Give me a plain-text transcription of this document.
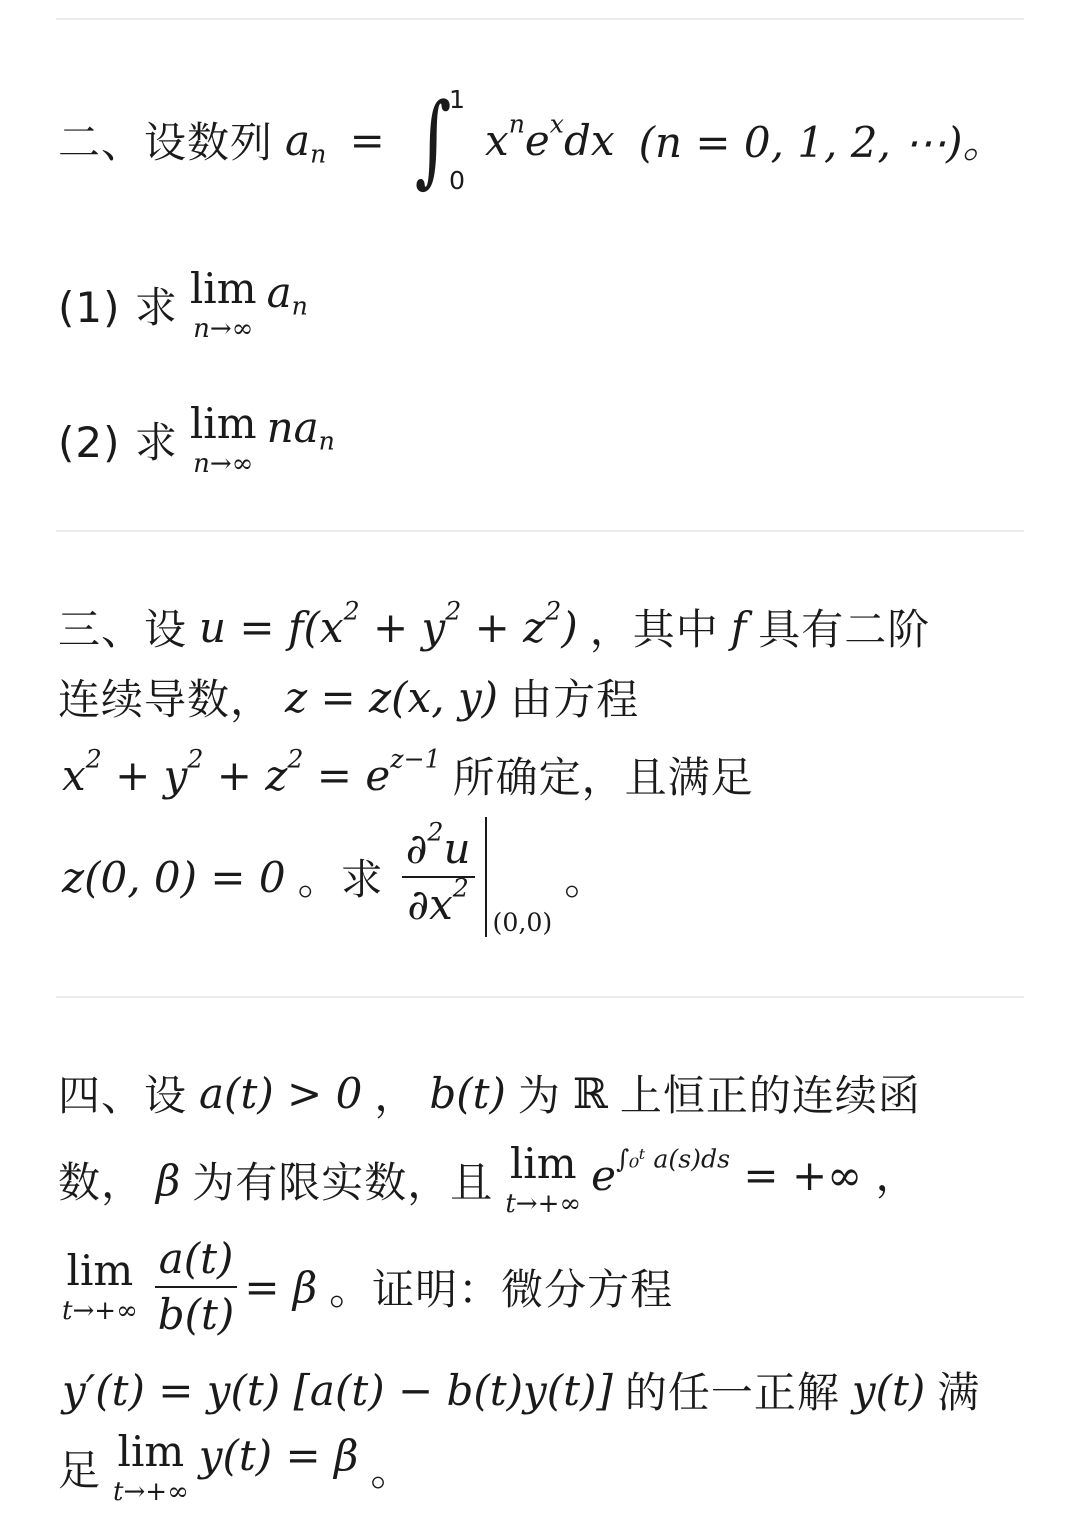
二、设数列 $a_n$ = ∫
1
0
$x^ne^xdx$ (n = 0, 1, 2, ⋯)。
(1) 求 lim
n→∞
$a_n$
(2) 求 lim
n→∞
$na_n$
三、设 $u = f(x^2 + y^2 + z^2)$ ，其中 f 具有二阶
连续导数， z = z(x, y) 由方程
$x^2 + y^2 + z^2 = e^{z-1}$ 所确定，且满足
z(0, 0) = 0 。求 $\frac{\partial^2u}{\partial x^2} (0,0)$
。
四、设 a(t) > 0 ， b(t) 为 ℝ 上恒正的连续函
数， β 为有限实数，且 lim
t→+∞
$e^{\int_0ᵗ a(s)ds}$ = +∞ ，
lim
$t\to+\infty \frac{a(t)}{b(t)} = \beta$ 。证明：微分方程
y′(t) = y(t) [a(t) − b(t)y(t)] 的任一正解 y(t) 满
足 lim
t→+∞
y(t) = β 。
